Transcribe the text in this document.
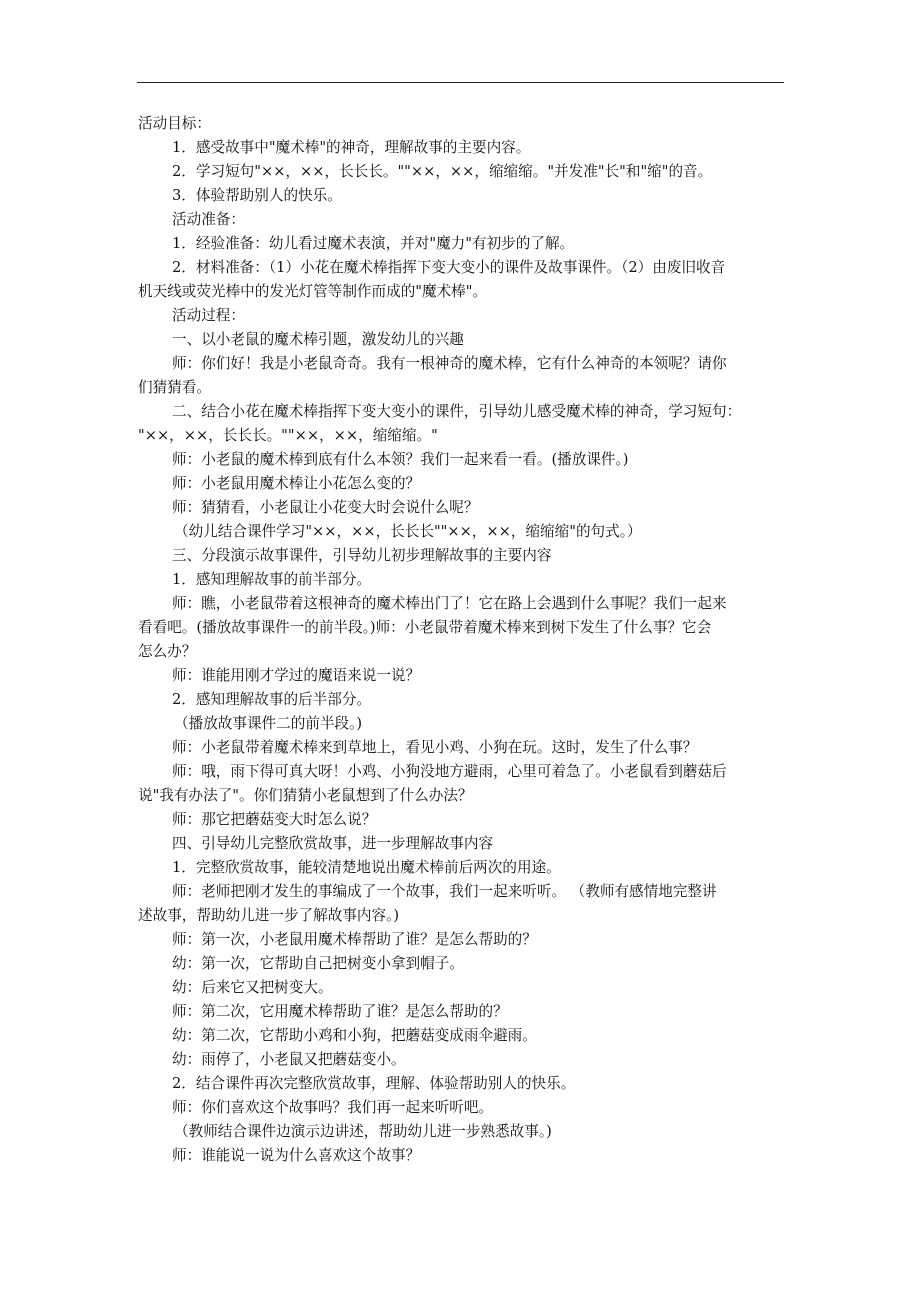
活动目标：
1．感受故事中"魔术棒"的神奇，理解故事的主要内容。
2．学习短句"××，××，长长长。""××，××，缩缩缩。"并发准"长"和"缩"的音。
3．体验帮助别人的快乐。
活动准备：
1．经验准备：幼儿看过魔术表演，并对"魔力"有初步的了解。
2．材料准备：（1）小花在魔术棒指挥下变大变小的课件及故事课件。（2）由废旧收音
机天线或荧光棒中的发光灯管等制作而成的"魔术棒"。
活动过程：
一、以小老鼠的魔术棒引题，激发幼儿的兴趣
师：你们好！我是小老鼠奇奇。我有一根神奇的魔术棒，它有什么神奇的本领呢？请你
们猜猜看。
二、结合小花在魔术棒指挥下变大变小的课件，引导幼儿感受魔术棒的神奇，学习短句：
"××，××，长长长。""××，××，缩缩缩。"
师：小老鼠的魔术棒到底有什么本领？我们一起来看一看。(播放课件。)
师：小老鼠用魔术棒让小花怎么变的？
师：猜猜看，小老鼠让小花变大时会说什么呢？
（幼儿结合课件学习"××，××，长长长""××，××，缩缩缩"的句式。）
三、分段演示故事课件，引导幼儿初步理解故事的主要内容
1．感知理解故事的前半部分。
师：瞧，小老鼠带着这根神奇的魔术棒出门了！它在路上会遇到什么事呢？我们一起来
看看吧。(播放故事课件一的前半段。)师：小老鼠带着魔术棒来到树下发生了什么事？它会
怎么办？
师：谁能用刚才学过的魔语来说一说？
2．感知理解故事的后半部分。
（播放故事课件二的前半段。)
师：小老鼠带着魔术棒来到草地上，看见小鸡、小狗在玩。这时，发生了什么事？
师：哦，雨下得可真大呀！小鸡、小狗没地方避雨，心里可着急了。小老鼠看到蘑菇后
说"我有办法了"。你们猜猜小老鼠想到了什么办法？
师：那它把蘑菇变大时怎么说？
四、引导幼儿完整欣赏故事，进一步理解故事内容
1．完整欣赏故事，能较清楚地说出魔术棒前后两次的用途。
师：老师把刚才发生的事编成了一个故事，我们一起来听听。 （教师有感情地完整讲
述故事，帮助幼儿进一步了解故事内容。)
师：第一次，小老鼠用魔术棒帮助了谁？是怎么帮助的？
幼：第一次，它帮助自己把树变小拿到帽子。
幼：后来它又把树变大。
师：第二次，它用魔术棒帮助了谁？是怎么帮助的？
幼：第二次，它帮助小鸡和小狗，把蘑菇变成雨伞避雨。
幼：雨停了，小老鼠又把蘑菇变小。
2．结合课件再次完整欣赏故事，理解、体验帮助别人的快乐。
师：你们喜欢这个故事吗？我们再一起来听听吧。
（教师结合课件边演示边讲述，帮助幼儿进一步熟悉故事。)
师：谁能说一说为什么喜欢这个故事？
